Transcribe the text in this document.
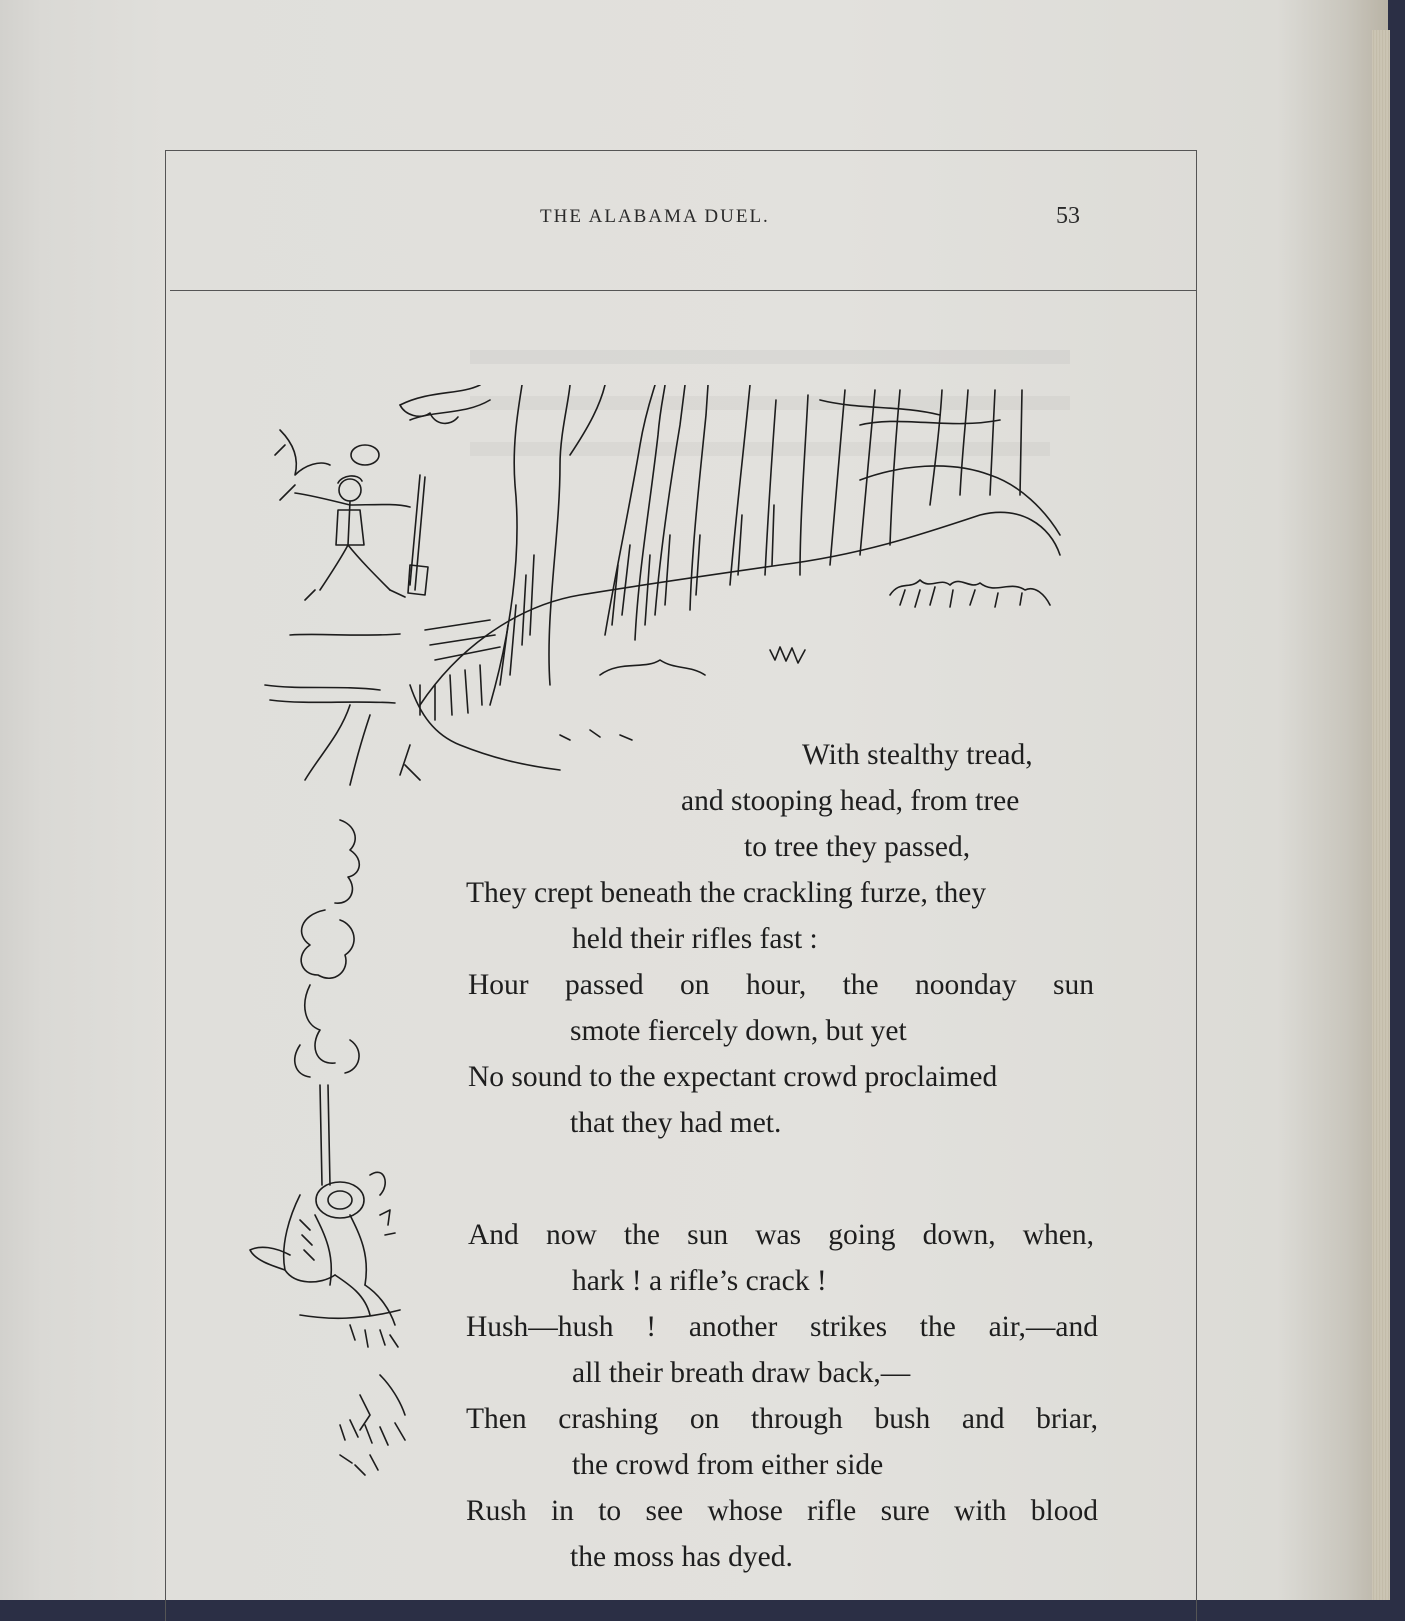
THE ALABAMA DUEL.	53
With stealthy tread,
and stooping head, from tree
to tree they passed,
They crept beneath the crackling furze, they
held their rifles fast :
Hour passed on hour, the noonday sun
smote fiercely down, but yet
No sound to the expectant crowd proclaimed
that they had met.
And now the sun was going down, when,
hark ! a rifle’s crack !
Hush—hush ! another strikes the air,—and
all their breath draw back,—
Then crashing on through bush and briar,
the crowd from either side
Rush in to see whose rifle sure with blood
the moss has dyed.
